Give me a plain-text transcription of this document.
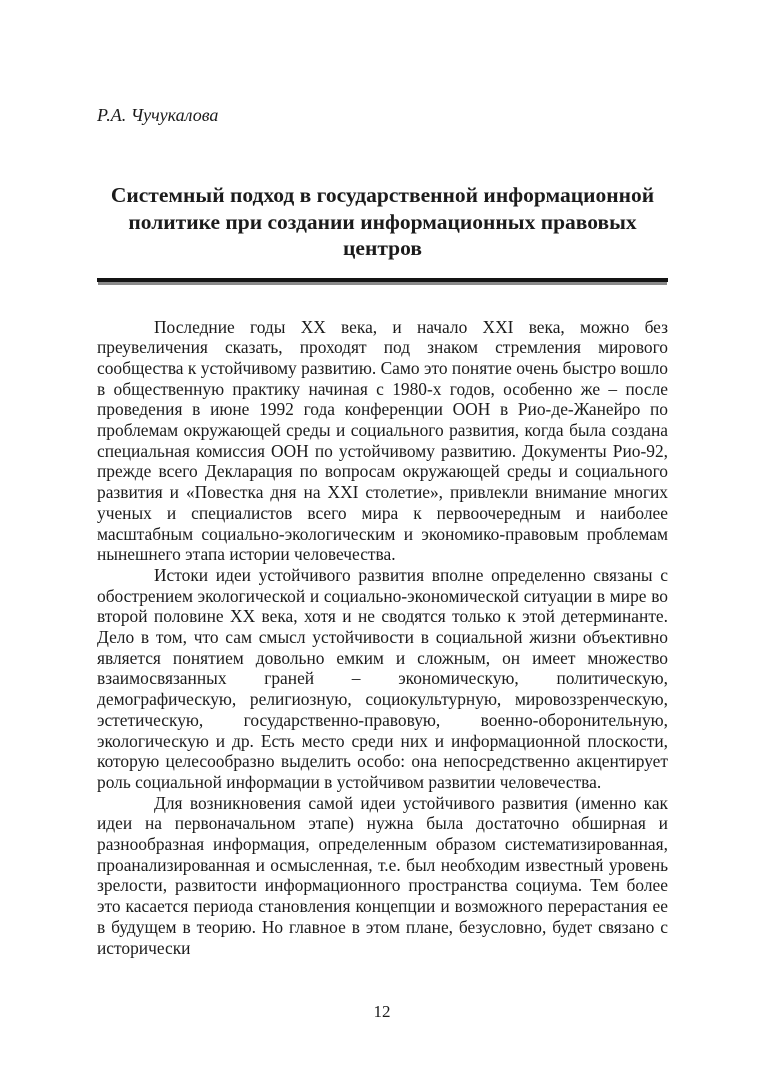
Р.А. Чучукалова
Системный подход в государственной информационной политике при создании информационных правовых центров

Последние годы XX века, и начало XXI века, можно без преувеличения сказать, проходят под знаком стремления мирового сообщества к устойчивому развитию. Само это понятие очень быстро вошло в общественную практику начиная с 1980-х годов, особенно же – после проведения в июне 1992 года конференции ООН в Рио-де-Жанейро по проблемам окружающей среды и социального развития, когда была создана специальная комиссия ООН по устойчивому развитию. Документы Рио-92, прежде всего Декларация по вопросам окружающей среды и социального развития и «Повестка дня на XXI столетие», привлекли внимание многих ученых и специалистов всего мира к первоочередным и наиболее масштабным социально-экологическим и экономико-правовым проблемам нынешнего этапа истории человечества.

Истоки идеи устойчивого развития вполне определенно связаны с обострением экологической и социально-экономической ситуации в мире во второй половине XX века, хотя и не сводятся только к этой детерминанте. Дело в том, что сам смысл устойчивости в социальной жизни объективно является понятием довольно емким и сложным, он имеет множество взаимосвязанных граней – экономическую, политическую, демографическую, религиозную, социокультурную, мировоззренческую, эстетическую, государственно-правовую, военно-оборонительную, экологическую и др. Есть место среди них и информационной плоскости, которую целесообразно выделить особо: она непосредственно акцентирует роль социальной информации в устойчивом развитии человечества.

Для возникновения самой идеи устойчивого развития (именно как идеи на первоначальном этапе) нужна была достаточно обширная и разнообразная информация, определенным образом систематизированная, проанализированная и осмысленная, т.е. был необходим известный уровень зрелости, развитости информационного пространства социума. Тем более это касается периода становления концепции и возможного перерастания ее в будущем в теорию. Но главное в этом плане, безусловно, будет связано с исторически

12
